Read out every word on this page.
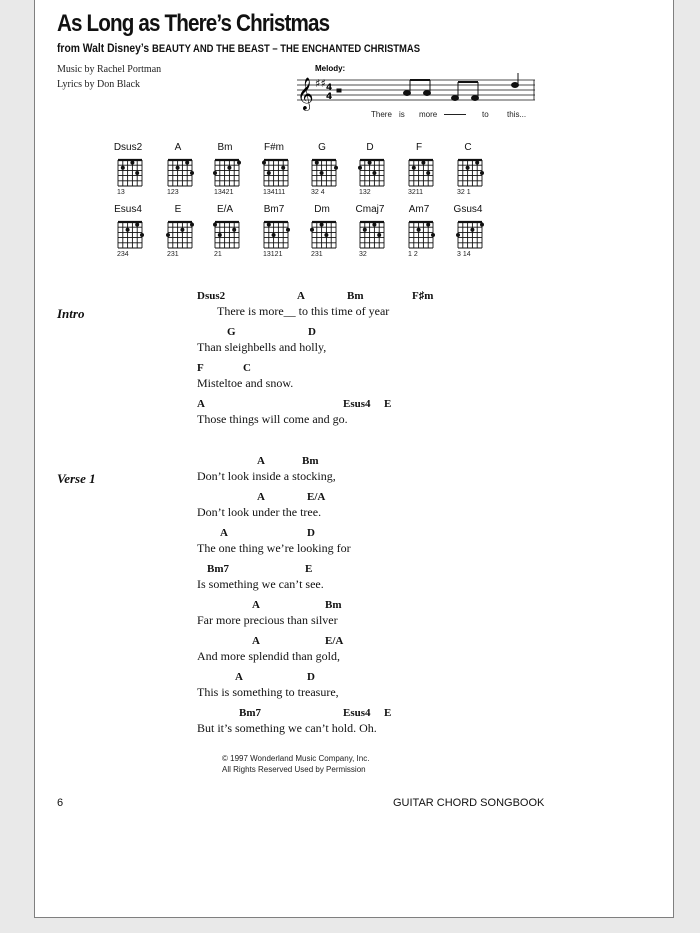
As Long as There’s Christmas
from Walt Disney’s BEAUTY AND THE BEAST – THE ENCHANTED CHRISTMAS
Music by Rachel Portman
Lyrics by Don Black
Melody:
𝄞 ♯♯ 4
4
There is more	to this...
Dsus2
13
A
123
Bm
13421
F#m
134111
G
32 4
D
132
F
3211
C
32 1
Esus4
234
E
231
E/A
21
Bm7
13121
Dm
231
Cmaj7
32
Am7
1 2
Gsus4
3 14
Intro
Dsus2	A	Bm	F♯m
There is more__ to this time of year
G	D
Than sleighbells and holly,
F	C
Misteltoe and snow.
A	Esus4 E
Those things will come and go.
Verse 1
A	Bm
Don’t look inside a stocking,
A	E/A
Don’t look under the tree.
A	D
The one thing we’re looking for
Bm7	E
Is something we can’t see.
A	Bm
Far more precious than silver
A	E/A
And more splendid than gold,
A	D
This is something to treasure,
Bm7	Esus4 E
But it’s something we can’t hold. Oh.
© 1997 Wonderland Music Company, Inc.
All Rights Reserved Used by Permission
6	GUITAR CHORD SONGBOOK
